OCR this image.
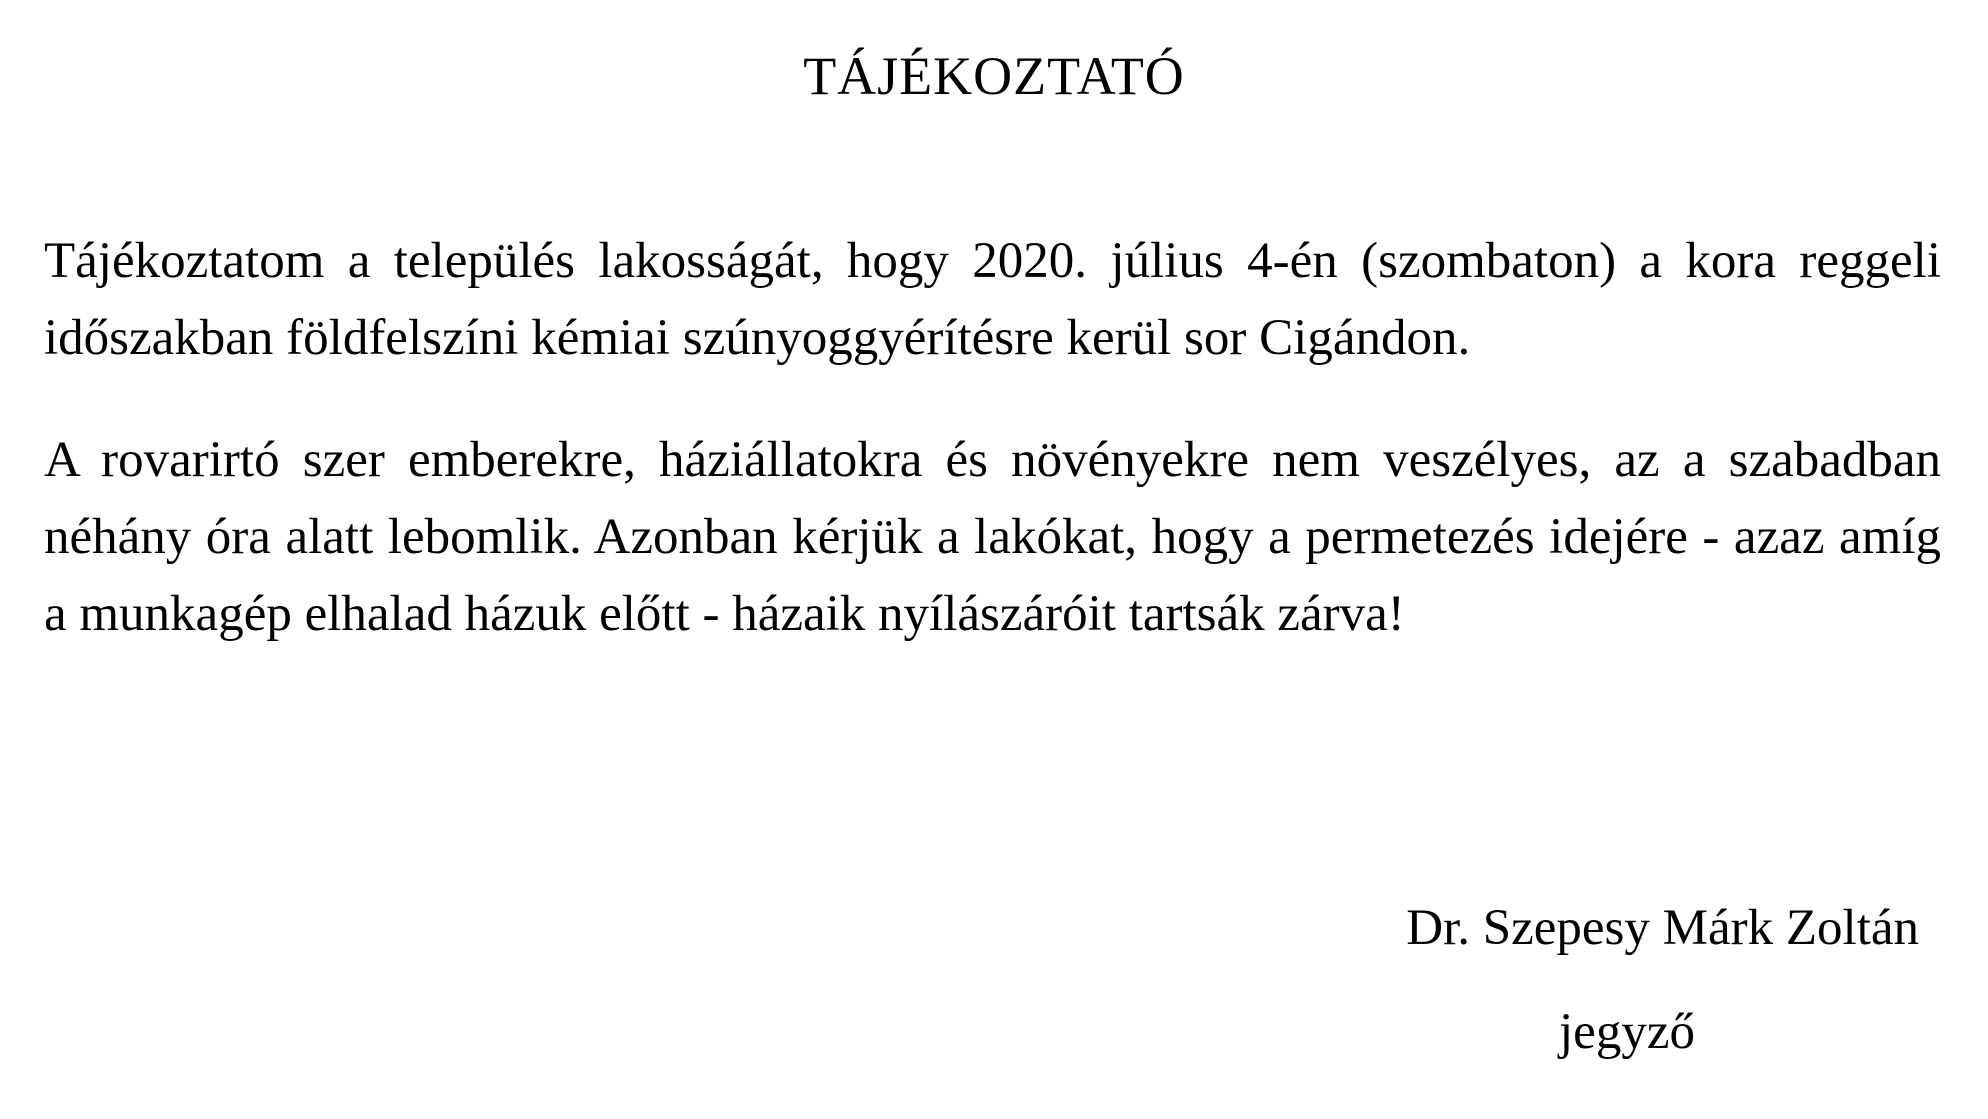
TÁJÉKOZTATÓ

Tájékoztatom a település lakosságát, hogy 2020. július 4-én (szombaton) a kora reggeli időszakban földfelszíni kémiai szúnyoggyérítésre kerül sor Cigándon.

A rovarirtó szer emberekre, háziállatokra és növényekre nem veszélyes, az a szabadban néhány óra alatt lebomlik. Azonban kérjük a lakókat, hogy a permetezés idejére - azaz amíg a munkagép elhalad házuk előtt - házaik nyílászáróit tartsák zárva!

Dr. Szepesy Márk Zoltán

jegyző
